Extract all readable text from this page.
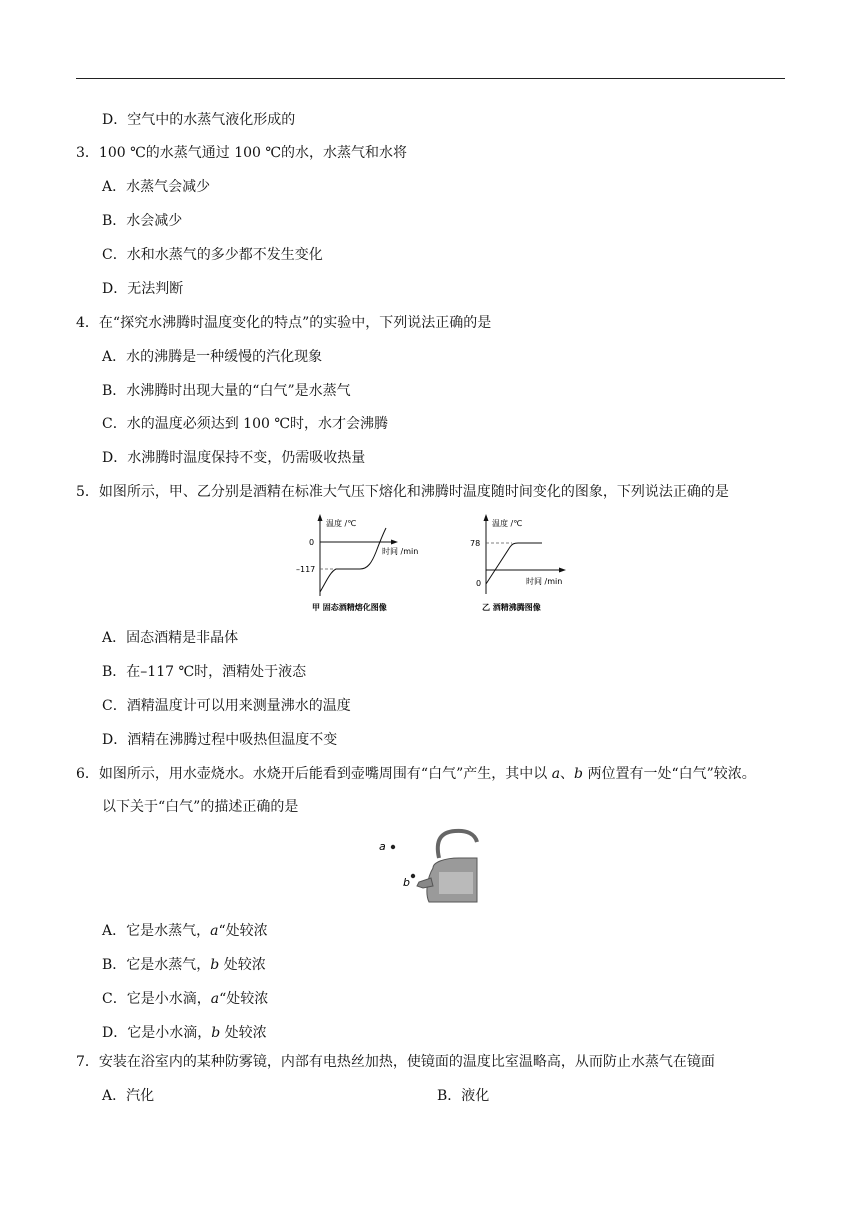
D．空气中的水蒸气液化形成的
3．100 ℃的水蒸气通过 100 ℃的水，水蒸气和水将
A．水蒸气会减少
B．水会减少
C．水和水蒸气的多少都不发生变化
D．无法判断
4．在“探究水沸腾时温度变化的特点”的实验中，下列说法正确的是
A．水的沸腾是一种缓慢的汽化现象
B．水沸腾时出现大量的“白气”是水蒸气
C．水的温度必须达到 100 ℃时，水才会沸腾
D．水沸腾时温度保持不变，仍需吸收热量
5．如图所示，甲、乙分别是酒精在标准大气压下熔化和沸腾时温度随时间变化的图象，下列说法正确的是
温度 /℃
时间 /min
0
–117
甲 固态酒精熔化图像
温度 /℃
时间 /min
78
0
乙 酒精沸腾图像
A．固态酒精是非晶体
B．在–117 ℃时，酒精处于液态
C．酒精温度计可以用来测量沸水的温度
D．酒精在沸腾过程中吸热但温度不变
6．如图所示，用水壶烧水。水烧开后能看到壶嘴周围有“白气”产生，其中以 a、b 两位置有一处“白气”较浓。
以下关于“白气”的描述正确的是
a
b
A．它是水蒸气，a“处较浓
B．它是水蒸气，b 处较浓
C．它是小水滴，a“处较浓
D．它是小水滴，b 处较浓
7．安装在浴室内的某种防雾镜，内部有电热丝加热，使镜面的温度比室温略高，从而防止水蒸气在镜面
A．汽化	B．液化
